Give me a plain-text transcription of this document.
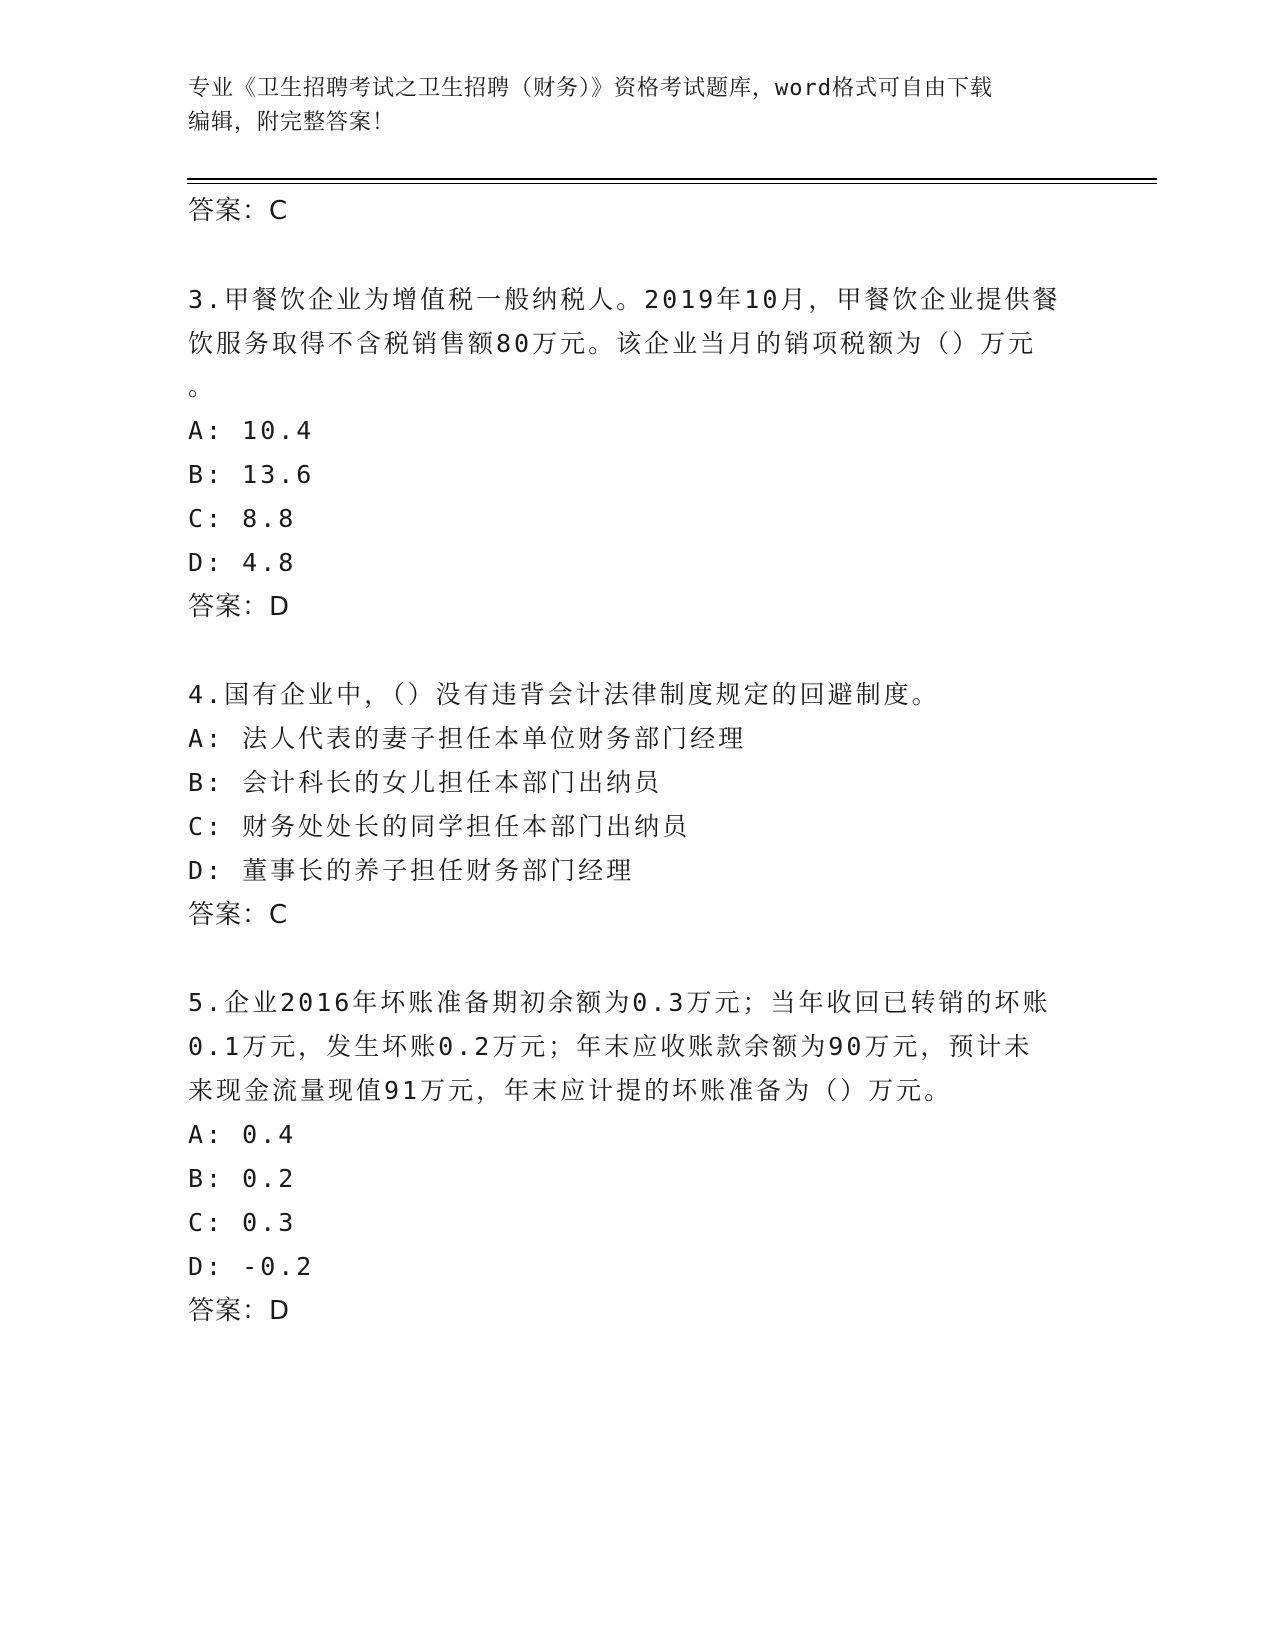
专业《卫生招聘考试之卫生招聘（财务）》资格考试题库，word格式可自由下载
编辑，附完整答案！
答案：C
3.甲餐饮企业为增值税一般纳税人。2019年10月，甲餐饮企业提供餐
饮服务取得不含税销售额80万元。该企业当月的销项税额为（）万元
。
A: 10.4
B: 13.6
C: 8.8
D: 4.8
答案：D
4.国有企业中，（）没有违背会计法律制度规定的回避制度。
A: 法人代表的妻子担任本单位财务部门经理
B: 会计科长的女儿担任本部门出纳员
C: 财务处处长的同学担任本部门出纳员
D: 董事长的养子担任财务部门经理
答案：C
5.企业2016年坏账准备期初余额为0.3万元；当年收回已转销的坏账
0.1万元，发生坏账0.2万元；年末应收账款余额为90万元，预计未
来现金流量现值91万元，年末应计提的坏账准备为（）万元。
A: 0.4
B: 0.2
C: 0.3
D: -0.2
答案：D
